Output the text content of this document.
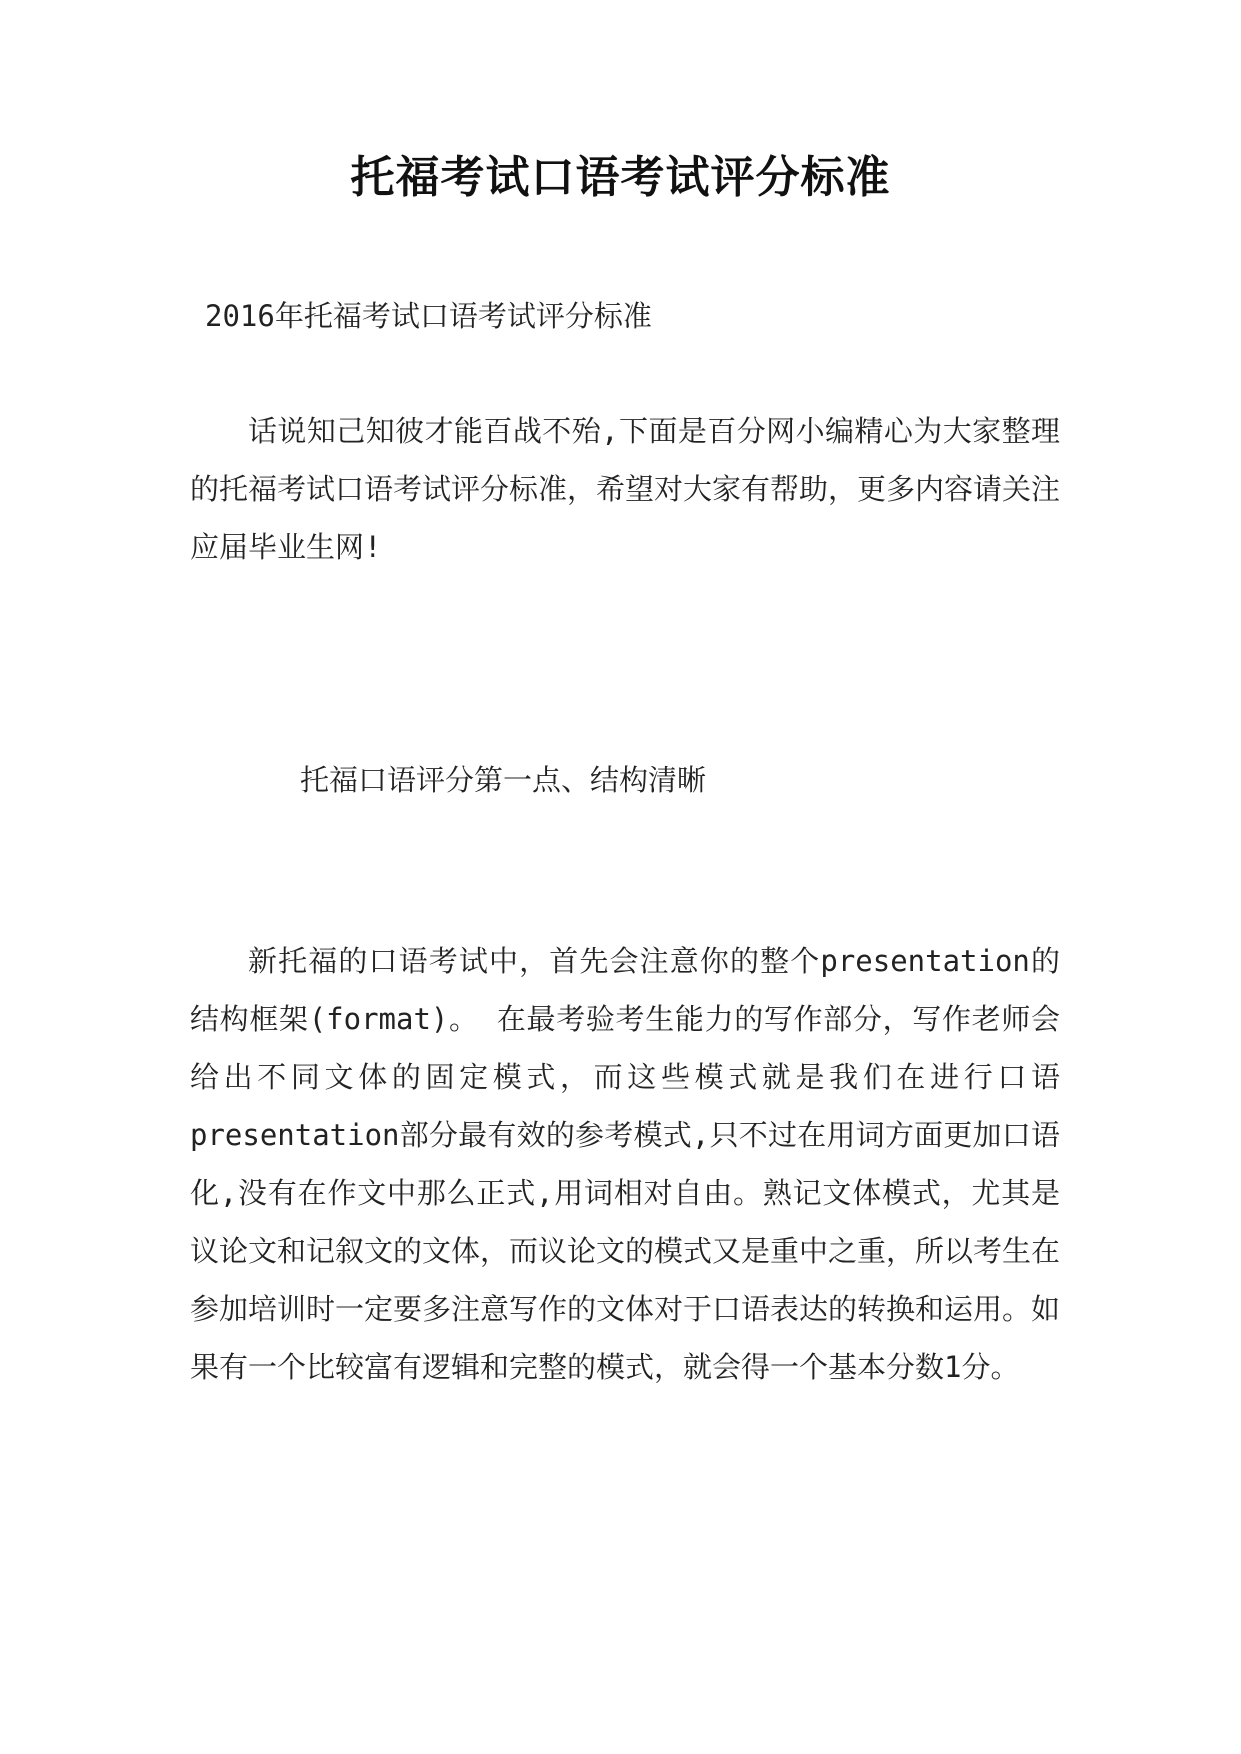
托福考试口语考试评分标准
2016年托福考试口语考试评分标准
话说知己知彼才能百战不殆,下面是百分网小编精心为大家整理的托福考试口语考试评分标准，希望对大家有帮助，更多内容请关注应届毕业生网!
托福口语评分第一点、结构清晰
新托福的口语考试中，首先会注意你的整个presentation的结构框架(format)。 在最考验考生能力的写作部分，写作老师会给出不同文体的固定模式，而这些模式就是我们在进行口语presentation部分最有效的参考模式,只不过在用词方面更加口语化,没有在作文中那么正式,用词相对自由。熟记文体模式，尤其是议论文和记叙文的文体，而议论文的模式又是重中之重，所以考生在参加培训时一定要多注意写作的文体对于口语表达的转换和运用。如果有一个比较富有逻辑和完整的模式，就会得一个基本分数1分。
